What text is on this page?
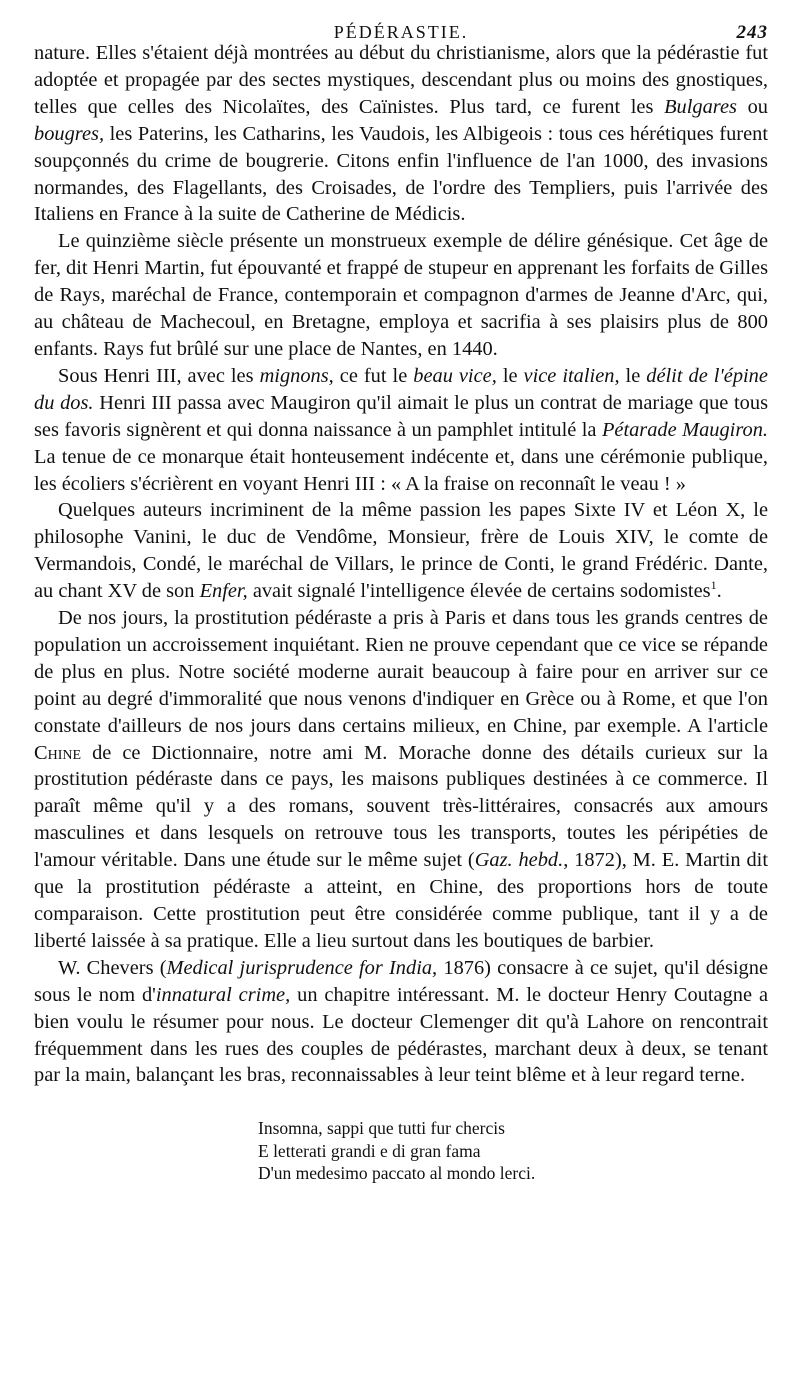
PÉDÉRASTIE.	243

nature. Elles s'étaient déjà montrées au début du christianisme, alors que la pédérastie fut adoptée et propagée par des sectes mystiques, descendant plus ou moins des gnostiques, telles que celles des Nicolaïtes, des Caïnistes. Plus tard, ce furent les Bulgares ou bougres, les Paterins, les Catharins, les Vaudois, les Albigeois : tous ces hérétiques furent soupçonnés du crime de bougrerie. Citons enfin l'influence de l'an 1000, des invasions normandes, des Flagellants, des Croisades, de l'ordre des Templiers, puis l'arrivée des Italiens en France à la suite de Catherine de Médicis.

Le quinzième siècle présente un monstrueux exemple de délire génésique. Cet âge de fer, dit Henri Martin, fut épouvanté et frappé de stupeur en apprenant les forfaits de Gilles de Rays, maréchal de France, contemporain et compagnon d'armes de Jeanne d'Arc, qui, au château de Machecoul, en Bretagne, employa et sacrifia à ses plaisirs plus de 800 enfants. Rays fut brûlé sur une place de Nantes, en 1440.

Sous Henri III, avec les mignons, ce fut le beau vice, le vice italien, le délit de l'épine du dos. Henri III passa avec Maugiron qu'il aimait le plus un contrat de mariage que tous ses favoris signèrent et qui donna naissance à un pamphlet intitulé la Pétarade Maugiron. La tenue de ce monarque était honteusement indécente et, dans une cérémonie publique, les écoliers s'écrièrent en voyant Henri III : « A la fraise on reconnaît le veau ! »

Quelques auteurs incriminent de la même passion les papes Sixte IV et Léon X, le philosophe Vanini, le duc de Vendôme, Monsieur, frère de Louis XIV, le comte de Vermandois, Condé, le maréchal de Villars, le prince de Conti, le grand Frédéric. Dante, au chant XV de son Enfer, avait signalé l'intelligence élevée de certains sodomistes$^1$.

De nos jours, la prostitution pédéraste a pris à Paris et dans tous les grands centres de population un accroissement inquiétant. Rien ne prouve cependant que ce vice se répande de plus en plus. Notre société moderne aurait beaucoup à faire pour en arriver sur ce point au degré d'immoralité que nous venons d'indiquer en Grèce ou à Rome, et que l'on constate d'ailleurs de nos jours dans certains milieux, en Chine, par exemple. A l'article Chine de ce Dictionnaire, notre ami M. Morache donne des détails curieux sur la prostitution pédéraste dans ce pays, les maisons publiques destinées à ce commerce. Il paraît même qu'il y a des romans, souvent très-littéraires, consacrés aux amours masculines et dans lesquels on retrouve tous les transports, toutes les péripéties de l'amour véritable. Dans une étude sur le même sujet (Gaz. hebd., 1872), M. E. Martin dit que la prostitution pédéraste a atteint, en Chine, des proportions hors de toute comparaison. Cette prostitution peut être considérée comme publique, tant il y a de liberté laissée à sa pratique. Elle a lieu surtout dans les boutiques de barbier.

W. Chevers (Medical jurisprudence for India, 1876) consacre à ce sujet, qu'il désigne sous le nom d'innatural crime, un chapitre intéressant. M. le docteur Henry Coutagne a bien voulu le résumer pour nous. Le docteur Clemenger dit qu'à Lahore on rencontrait fréquemment dans les rues des couples de pédérastes, marchant deux à deux, se tenant par la main, balançant les bras, reconnaissables à leur teint blême et à leur regard terne.

Insomna, sappi que tutti fur chercis
E letterati grandi e di gran fama
D'un medesimo paccato al mondo lerci.
